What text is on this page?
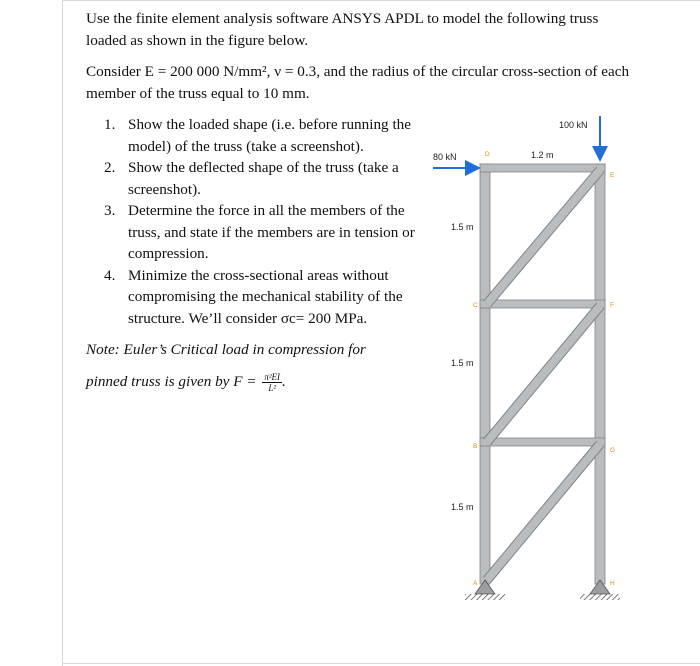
Use the finite element analysis software ANSYS APDL to model the following truss loaded as shown in the figure below.
Consider E = 200 000 N/mm², ν = 0.3, and the radius of the circular cross-section of each member of the truss equal to 10 mm.
1. Show the loaded shape (i.e. before running the model) of the truss (take a screenshot).
2. Show the deflected shape of the truss (take a screenshot).
3. Determine the force in all the members of the truss, and state if the members are in tension or compression.
4. Minimize the cross-sectional areas without compromising the mechanical stability of the structure. We’ll consider σc= 200 MPa.
Note: Euler’s Critical load in compression for
pinned truss is given by $F = \frac{\text{π²EI}}{\text{L²}}$ .
80 kN
100 kN
1.2 m
1.5 m
1.5 m
1.5 m
D
E
C	F
B
G
A	H
